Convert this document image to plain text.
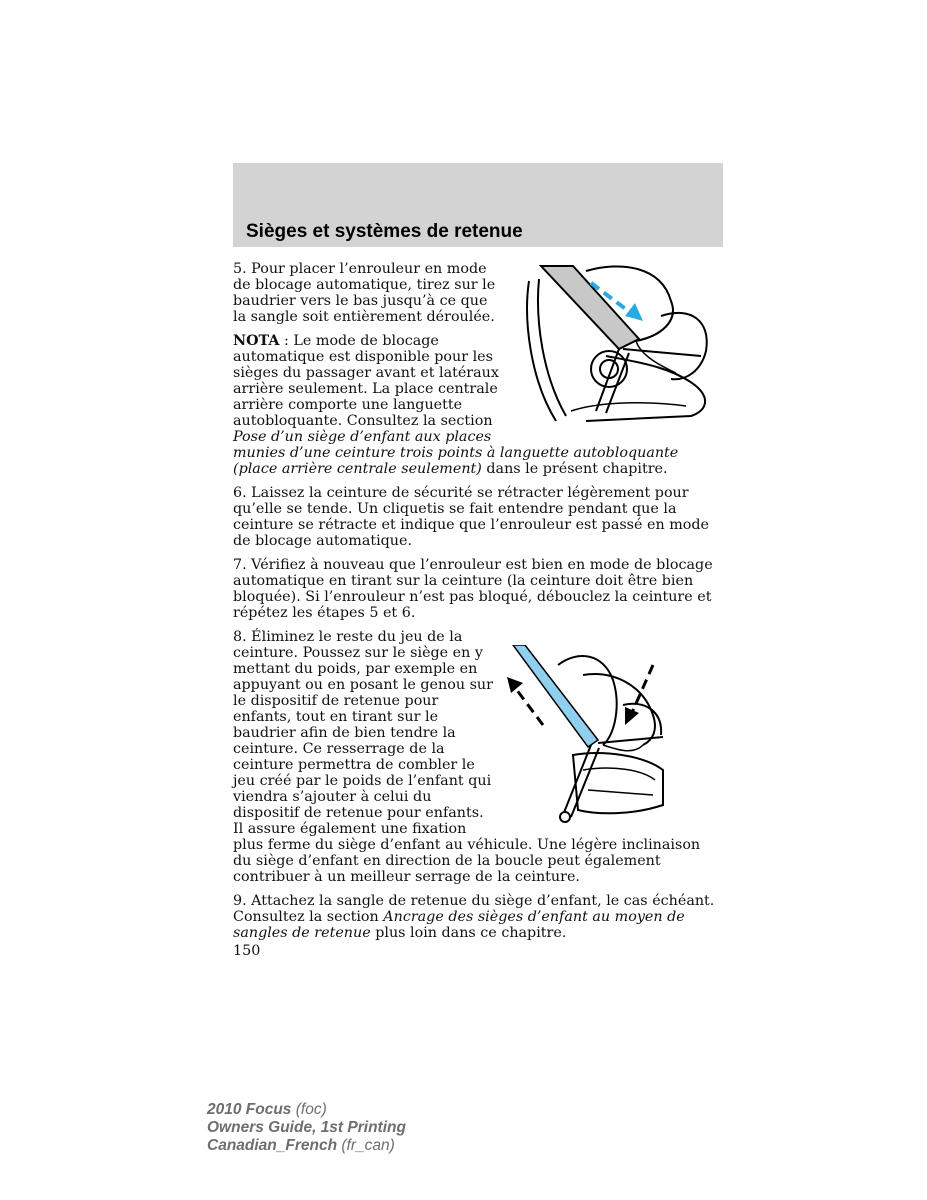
Sièges et systèmes de retenue

5. Pour placer l’enrouleur en mode de blocage automatique, tirez sur le baudrier vers le bas jusqu’à ce que la sangle soit entièrement déroulée.

NOTA : Le mode de blocage automatique est disponible pour les sièges du passager avant et latéraux arrière seulement. La place centrale arrière comporte une languette autobloquante. Consultez la section Pose d’un siège d’enfant aux places munies d’une ceinture trois points à languette autobloquante (place arrière centrale seulement) dans le présent chapitre.

6. Laissez la ceinture de sécurité se rétracter légèrement pour qu’elle se tende. Un cliquetis se fait entendre pendant que la ceinture se rétracte et indique que l’enrouleur est passé en mode de blocage automatique.

7. Vérifiez à nouveau que l’enrouleur est bien en mode de blocage automatique en tirant sur la ceinture (la ceinture doit être bien bloquée). Si l’enrouleur n’est pas bloqué, débouclez la ceinture et répétez les étapes 5 et 6.

8. Éliminez le reste du jeu de la ceinture. Poussez sur le siège en y mettant du poids, par exemple en appuyant ou en posant le genou sur le dispositif de retenue pour enfants, tout en tirant sur le baudrier afin de bien tendre la ceinture. Ce resserrage de la ceinture permettra de combler le jeu créé par le poids de l’enfant qui viendra s’ajouter à celui du dispositif de retenue pour enfants. Il assure également une fixation plus ferme du siège d’enfant au véhicule. Une légère inclinaison du siège d’enfant en direction de la boucle peut également contribuer à un meilleur serrage de la ceinture.

9. Attachez la sangle de retenue du siège d’enfant, le cas échéant. Consultez la section Ancrage des sièges d’enfant au moyen de sangles de retenue plus loin dans ce chapitre.

150
2010 Focus (foc)
Owners Guide, 1st Printing
Canadian_French (fr_can)
